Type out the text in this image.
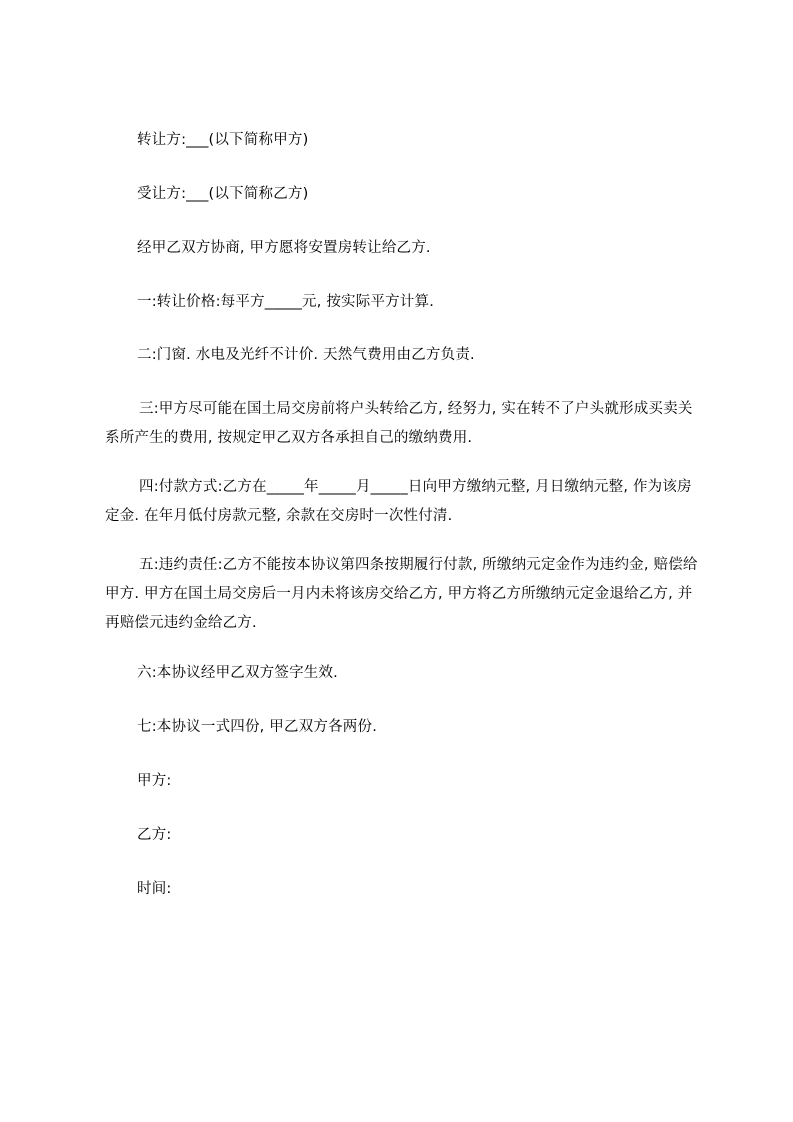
转让方:___(以下简称甲方)

受让方:___(以下简称乙方)

经甲乙双方协商, 甲方愿将安置房转让给乙方.

一:转让价格:每平方_____元, 按实际平方计算.

二:门窗. 水电及光纤不计价. 天然气费用由乙方负责.

三:甲方尽可能在国土局交房前将户头转给乙方, 经努力, 实在转不了户头就形成买卖关系所产生的费用, 按规定甲乙双方各承担自己的缴纳费用.

四:付款方式:乙方在_____年_____月_____日向甲方缴纳元整, 月日缴纳元整, 作为该房定金. 在年月低付房款元整, 余款在交房时一次性付清.

五:违约责任:乙方不能按本协议第四条按期履行付款, 所缴纳元定金作为违约金, 赔偿给甲方. 甲方在国土局交房后一月内未将该房交给乙方, 甲方将乙方所缴纳元定金退给乙方, 并再赔偿元违约金给乙方.

六:本协议经甲乙双方签字生效.

七:本协议一式四份, 甲乙双方各两份.

甲方:

乙方:

时间:
